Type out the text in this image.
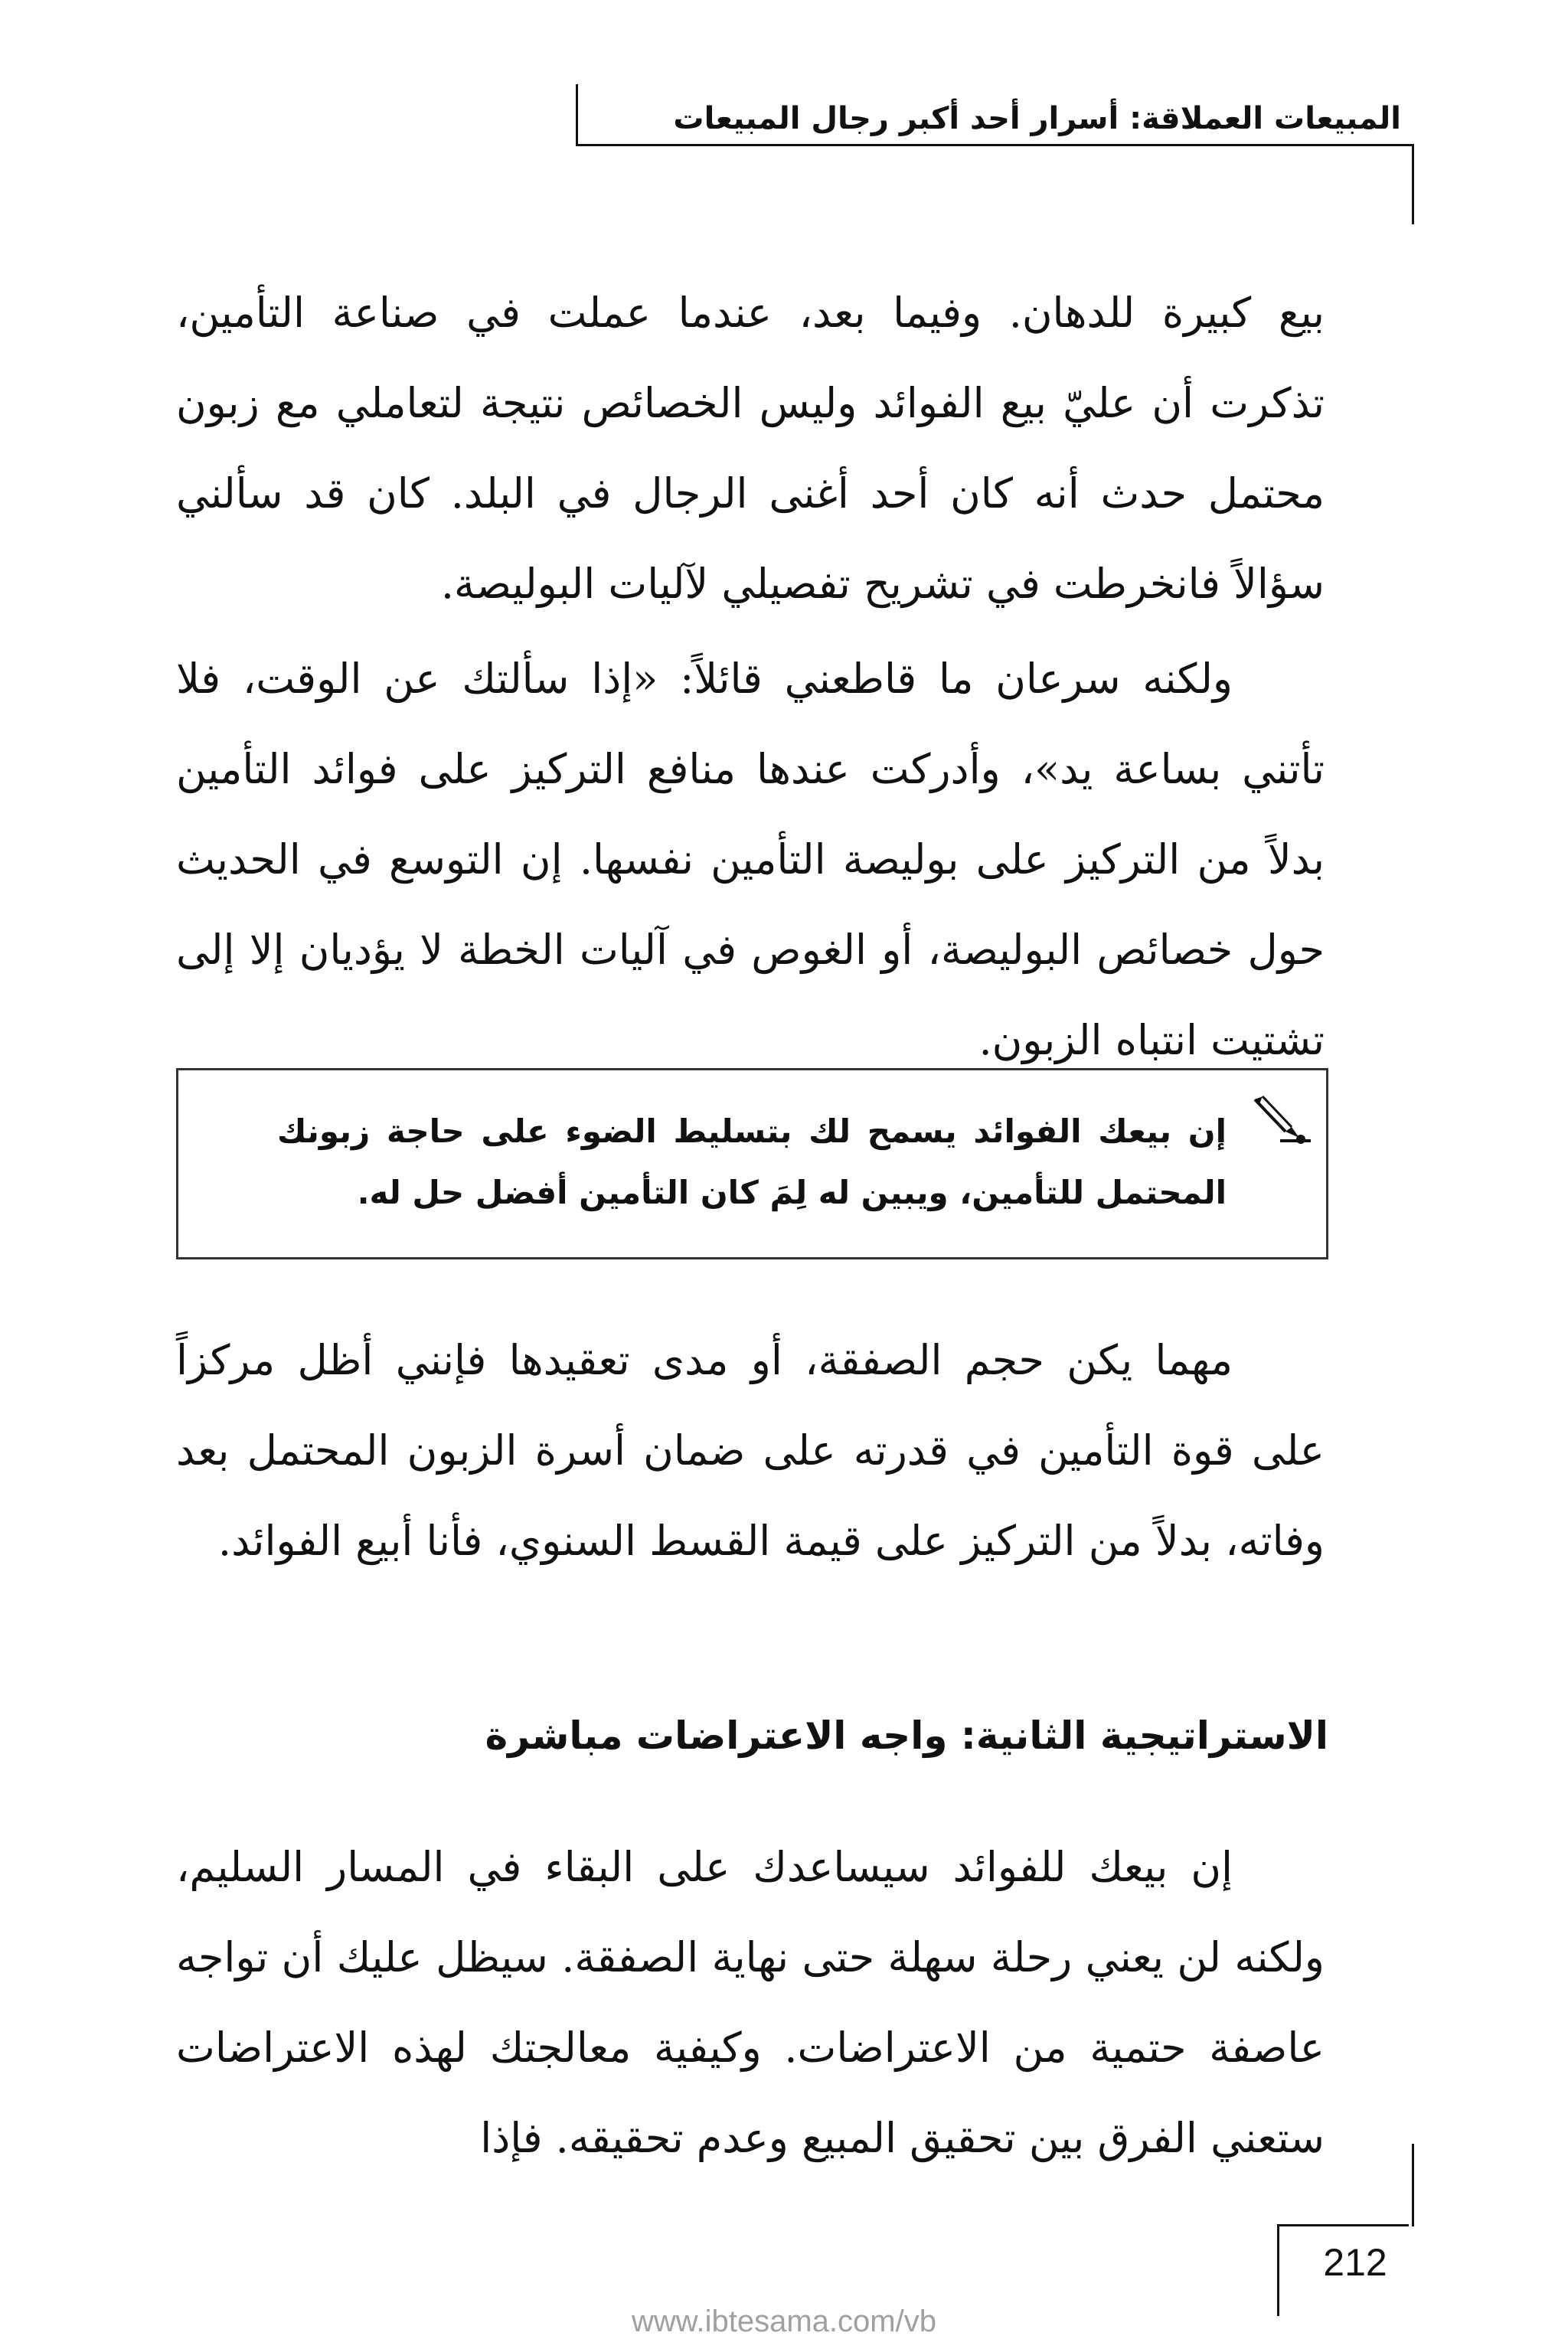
المبيعات العملاقة: أسرار أحد أكبر رجال المبيعات

بيع كبيرة للدهان. وفيما بعد، عندما عملت في صناعة التأمين، تذكرت أن عليّ بيع الفوائد وليس الخصائص نتيجة لتعاملي مع زبون محتمل حدث أنه كان أحد أغنى الرجال في البلد. كان قد سألني سؤالاً فانخرطت في تشريح تفصيلي لآليات البوليصة.

ولكنه سرعان ما قاطعني قائلاً: «إذا سألتك عن الوقت، فلا تأتني بساعة يد»، وأدركت عندها منافع التركيز على فوائد التأمين بدلاً من التركيز على بوليصة التأمين نفسها. إن التوسع في الحديث حول خصائص البوليصة، أو الغوص في آليات الخطة لا يؤديان إلا إلى تشتيت انتباه الزبون.

إن بيعك الفوائد يسمح لك بتسليط الضوء على حاجة زبونك المحتمل للتأمين، ويبين له لِمَ كان التأمين أفضل حل له.

مهما يكن حجم الصفقة، أو مدى تعقيدها فإنني أظل مركزاً على قوة التأمين في قدرته على ضمان أسرة الزبون المحتمل بعد وفاته، بدلاً من التركيز على قيمة القسط السنوي، فأنا أبيع الفوائد.

الاستراتيجية الثانية: واجه الاعتراضات مباشرة

إن بيعك للفوائد سيساعدك على البقاء في المسار السليم، ولكنه لن يعني رحلة سهلة حتى نهاية الصفقة. سيظل عليك أن تواجه عاصفة حتمية من الاعتراضات. وكيفية معالجتك لهذه الاعتراضات ستعني الفرق بين تحقيق المبيع وعدم تحقيقه. فإذا

212
www.ibtesama.com/vb
